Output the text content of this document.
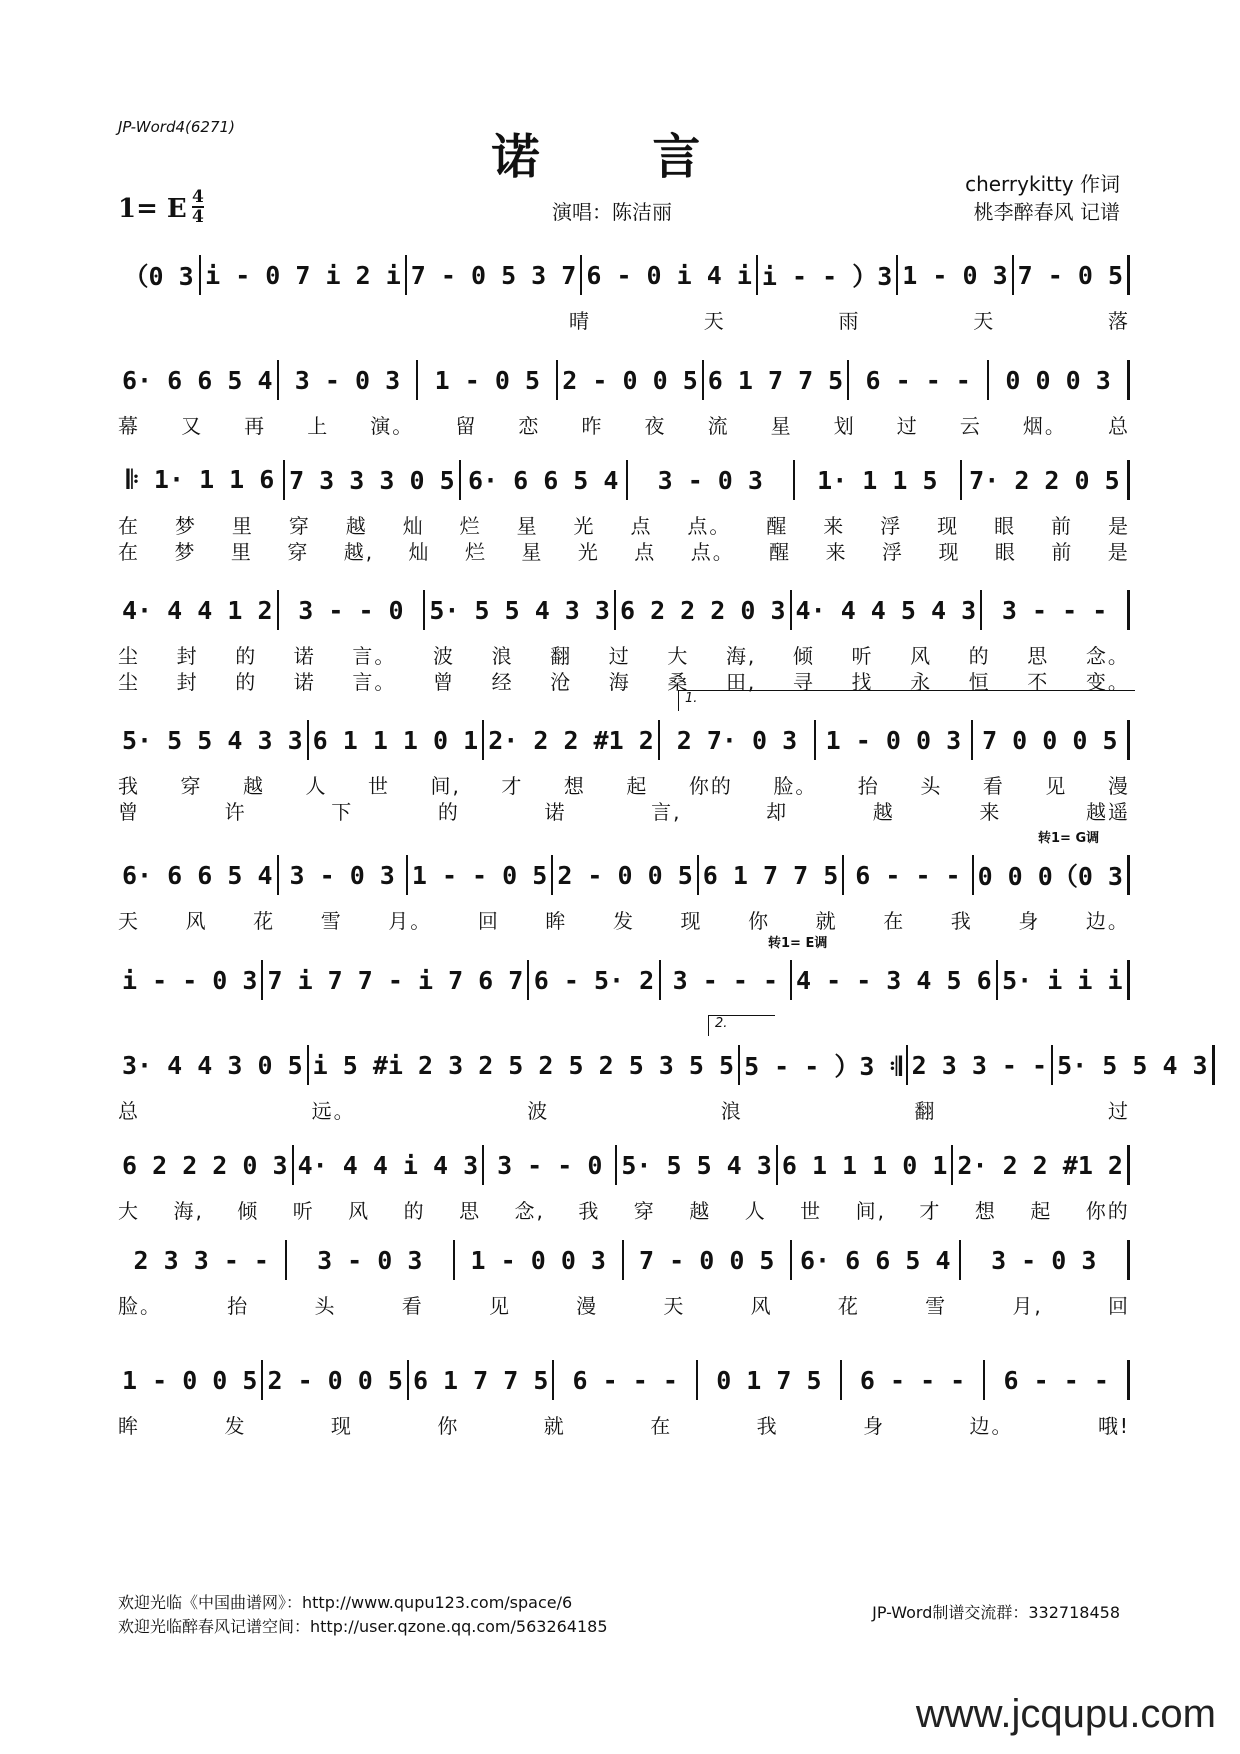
JP-Word4(6271)
诺 言	cherrykitty 作词
桃李醉春风 记谱
1= E 4
4	演唱：陈洁丽
（0 3 i - 0 7 i 2 i 7 - 0 5 3 7 6 - 0 i 4 i i - - ）3 1 - 0 3 7 - 0 5
晴	天	雨	天	落
6· 6 6 5 4 3 - 0 3	1 - 0 5 2 - 0 0 5 6 1 7 7 5 6 - - -	0 0 0 3
幕 又 再 上 演。 留 恋 昨 夜 流 星 划 过 云 烟。 总
𝄆 1· 1 1 6 7 3 3 3 0 5 6· 6 6 5 4	3 - 0 3	1· 1 1 5	7· 2 2 0 5
在 梦 里 穿 越 灿 烂 星 光 点 点。 醒 来 浮 现 眼 前 是
在 梦 里 穿 越, 灿 烂 星 光 点 点。 醒 来 浮 现 眼 前 是
4· 4 4 1 2	3 - - 0	5· 5 5 4 3 3 6 2 2 2 0 3 4· 4 4 5 4 3	3 - - -
尘 封 的 诺 言。 波 浪 翻 过 大 海, 倾 听 风 的 思 念。
尘 封 的 诺 言。 曾 经 沧 海 桑 田, 寻 找 永 恒 不 变。
1.
5· 5 5 4 3 3 6 1 1 1 0 1 2· 2 2 #1 2 2 7· 0 3	1 - 0 0 3 7 0 0 0 5
我 穿 越 人 世 间, 才 想 起 你的 脸。 抬 头 看 见 漫
曾	许	下	的	诺	言,	却	越	来	越遥
转1= G调
6· 6 6 5 4 3 - 0 3 1 - - 0 5 2 - 0 0 5 6 1 7 7 5 6 - - - 0 0 0（0 3
天 风 花 雪 月。 回 眸 发 现 你 就 在 我 身 边。
转1= E调
i - - 0 3 7 i 7 7 - i 7 6 7 6 - 5· 2 3 - - - 4 - - 3 4 5 6 5· i i i
2.
3· 4 4 3 0 5 i 5 #i 2 3 2 5 2 5 2 5 3 5 5 5 - - ）3 𝄇 2 3 3 - - 5· 5 5 4 3
总	远。	波	浪	翻	过
6 2 2 2 0 3 4· 4 4 i 4 3 3 - - 0 5· 5 5 4 3 6 1 1 1 0 1 2· 2 2 #1 2
大 海, 倾 听 风 的 思 念, 我 穿 越 人 世 间, 才 想 起 你的
2 3 3 - -	3 - 0 3	1 - 0 0 3	7 - 0 0 5	6· 6 6 5 4	3 - 0 3
脸。	抬	头	看	见	漫	天	风	花	雪	月,	回
1 - 0 0 5 2 - 0 0 5 6 1 7 7 5 6 - - -	0 1 7 5	6 - - -	6 - - -
眸	发	现	你	就	在	我	身	边。	哦!
欢迎光临《中国曲谱网》：http://www.qupu123.com/space/6
欢迎光临醉春风记谱空间：http://user.qzone.qq.com/563264185
JP-Word制谱交流群：332718458
www.jcqupu.com
